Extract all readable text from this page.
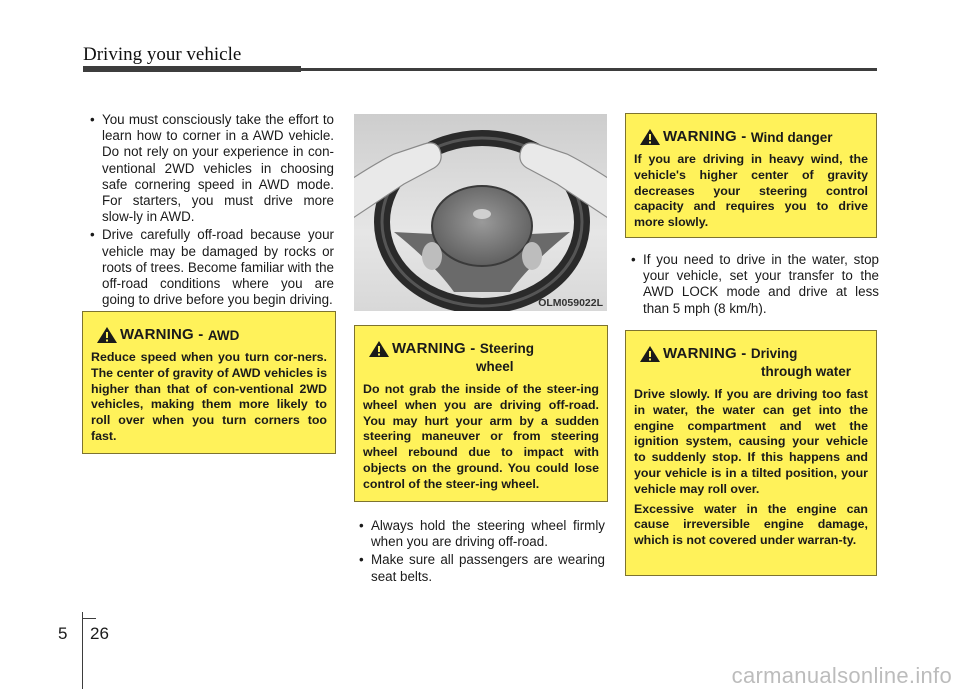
Driving your vehicle
• You must consciously take the effort to learn how to corner in a AWD vehicle. Do not rely on your experience in con-ventional 2WD vehicles in choosing safe cornering speed in AWD mode. For starters, you must drive more slow-ly in AWD.
• Drive carefully off-road because your vehicle may be damaged by rocks or roots of trees. Become familiar with the off-road conditions where you are going to drive before you begin driving.
WARNING -
AWD
Reduce speed when you turn cor-ners. The center of gravity of AWD vehicles is higher than that of con-ventional 2WD vehicles, making them more likely to roll over when you turn corners too fast.
OLM059022L
WARNING - Steering
wheel
Do not grab the inside of the steer-ing wheel when you are driving off-road. You may hurt your arm by a sudden steering maneuver or from steering wheel rebound due to impact with objects on the ground. You could lose control of the steer-ing wheel.
• Always hold the steering wheel firmly when you are driving off-road.
• Make sure all passengers are wearing seat belts.
WARNING -
Wind danger
If you are driving in heavy wind, the vehicle's higher center of gravity decreases your steering control capacity and requires you to drive more slowly.
• If you need to drive in the water, stop your vehicle, set your transfer to the AWD LOCK mode and drive at less than 5 mph (8 km/h).
WARNING - Driving
through water

Drive slowly. If you are driving too fast in water, the water can get into the engine compartment and wet the ignition system, causing your vehicle to suddenly stop. If this happens and your vehicle is in a tilted position, your vehicle may roll over.

Excessive water in the engine can cause irreversible engine damage, which is not covered under warran-ty.

5 26
carmanualsonline.info
